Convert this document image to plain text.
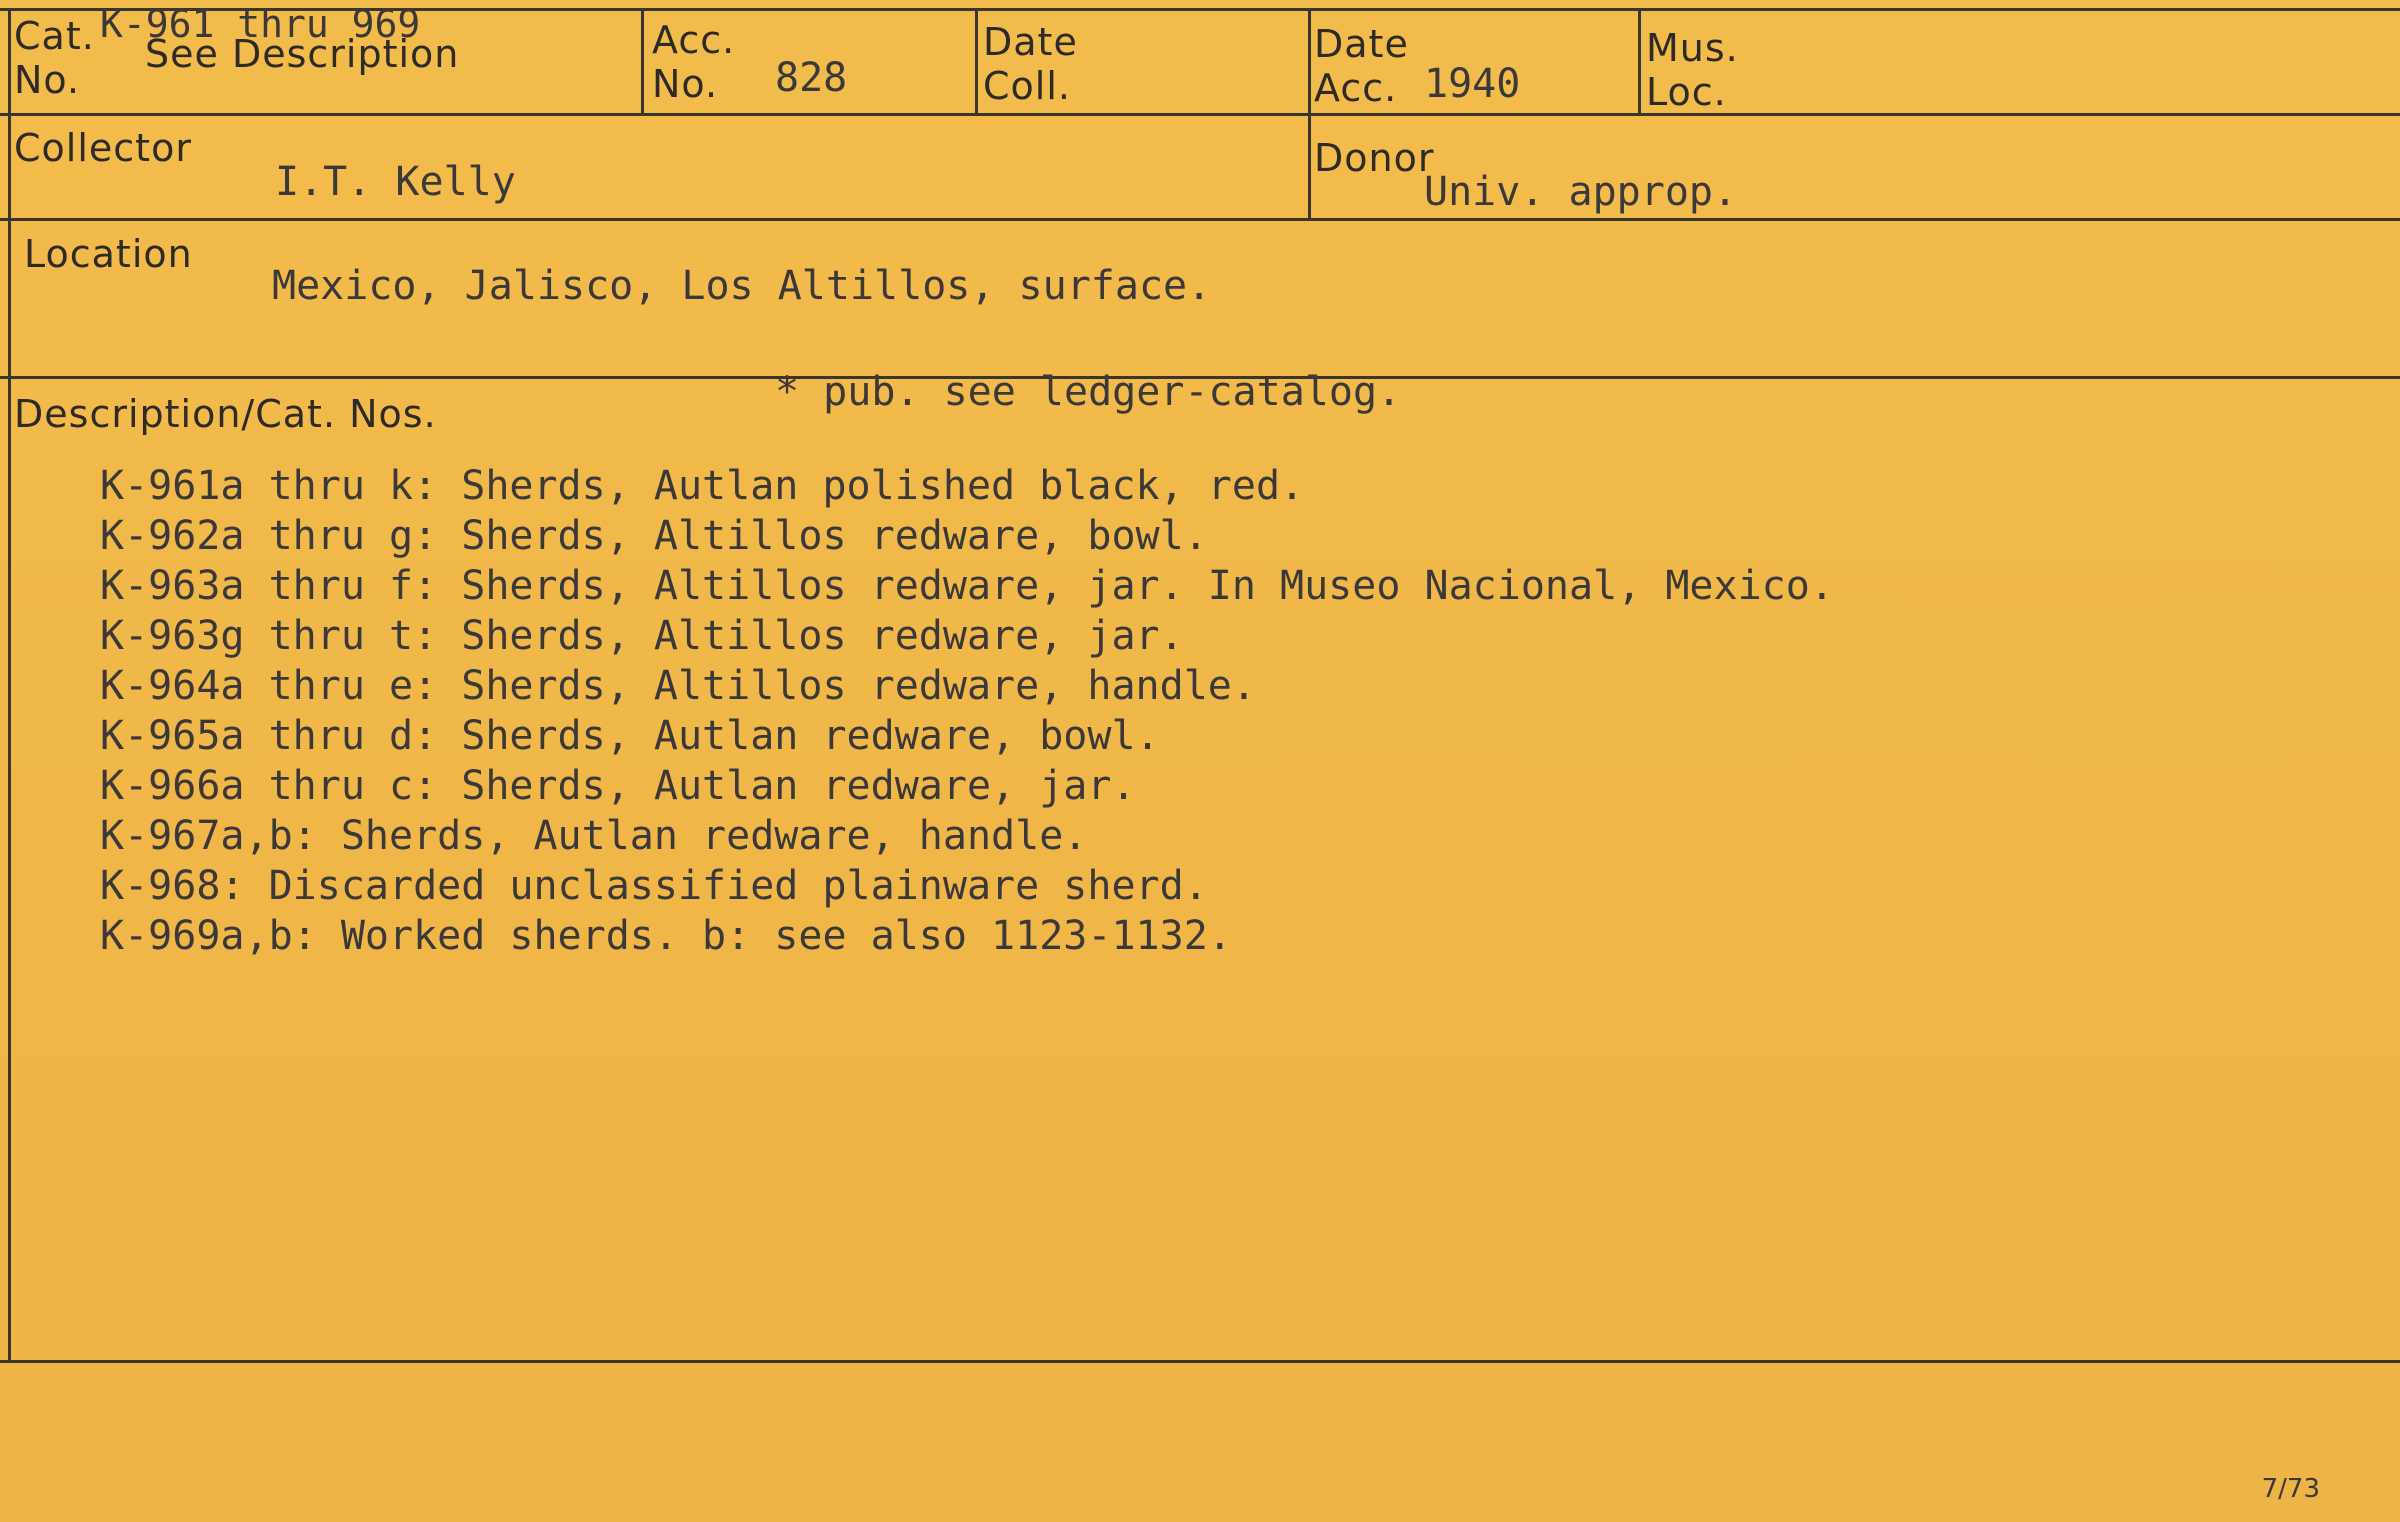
Cat.
No.
K-961 thru 969
See Description	Acc.
No.	828
Date
Coll.
Date
Acc. 1940
Mus.
Loc.
Collector
I.T. Kelly
Donor
Univ. approp.
Location
Mexico, Jalisco, Los Altillos, surface.
* pub. see ledger-catalog.
Description/Cat. Nos.
K-961a thru k: Sherds, Autlan polished black, red.
K-962a thru g: Sherds, Altillos redware, bowl.
K-963a thru f: Sherds, Altillos redware, jar. In Museo Nacional, Mexico.
K-963g thru t: Sherds, Altillos redware, jar.
K-964a thru e: Sherds, Altillos redware, handle.
K-965a thru d: Sherds, Autlan redware, bowl.
K-966a thru c: Sherds, Autlan redware, jar.
K-967a,b: Sherds, Autlan redware, handle.
K-968: Discarded unclassified plainware sherd.
K-969a,b: Worked sherds. b: see also 1123-1132.
7/73
